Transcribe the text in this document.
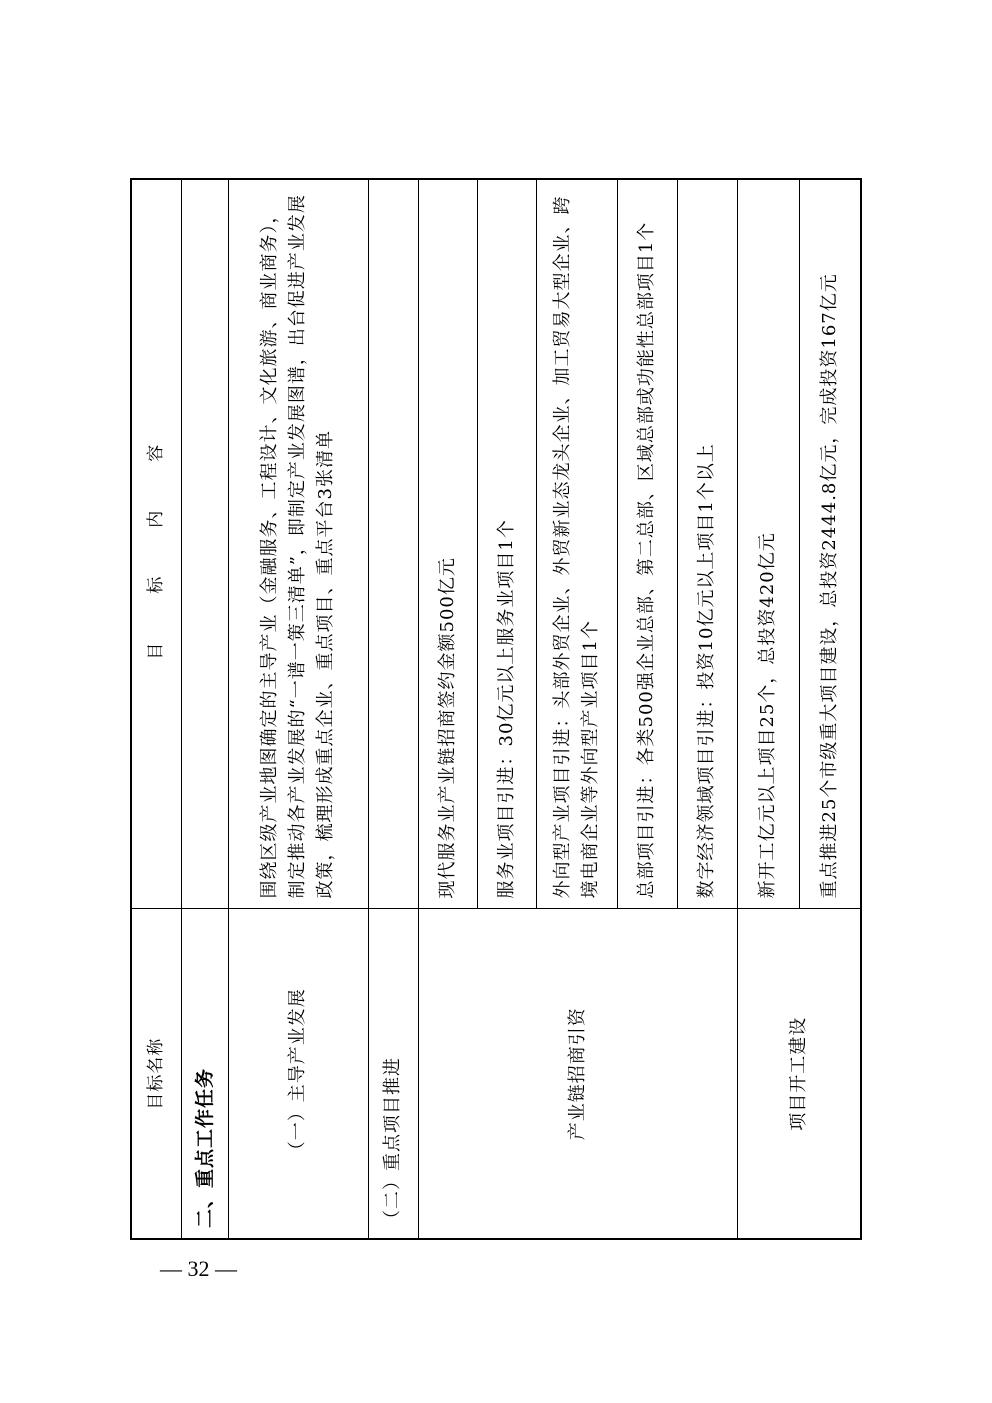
目标名称	目　标　内　容
二、重点工作任务	
（一）主导产业发展	围绕区级产业地图确定的主导产业（金融服务、工程设计、文化旅游、商业商务），制定推动各产业发展的“一谱一策三清单”，即制定产业发展图谱，出台促进产业发展政策，梳理形成重点企业、重点项目、重点平台3张清单
（二）重点项目推进	
产业链招商引资	现代服务业产业链招商签约金额500亿元
	服务业项目引进：30亿元以上服务业项目1个
	外向型产业项目引进：头部外贸企业、外贸新业态龙头企业、加工贸易大型企业、跨境电商企业等外向型产业项目1个
	总部项目引进：各类500强企业总部、第二总部、区域总部或功能性总部项目1个
	数字经济领域项目引进：投资10亿元以上项目1个以上
项目开工建设	新开工亿元以上项目25个，总投资420亿元
	重点推进25个市级重大项目建设，总投资2444.8亿元，完成投资167亿元
— 32 —
